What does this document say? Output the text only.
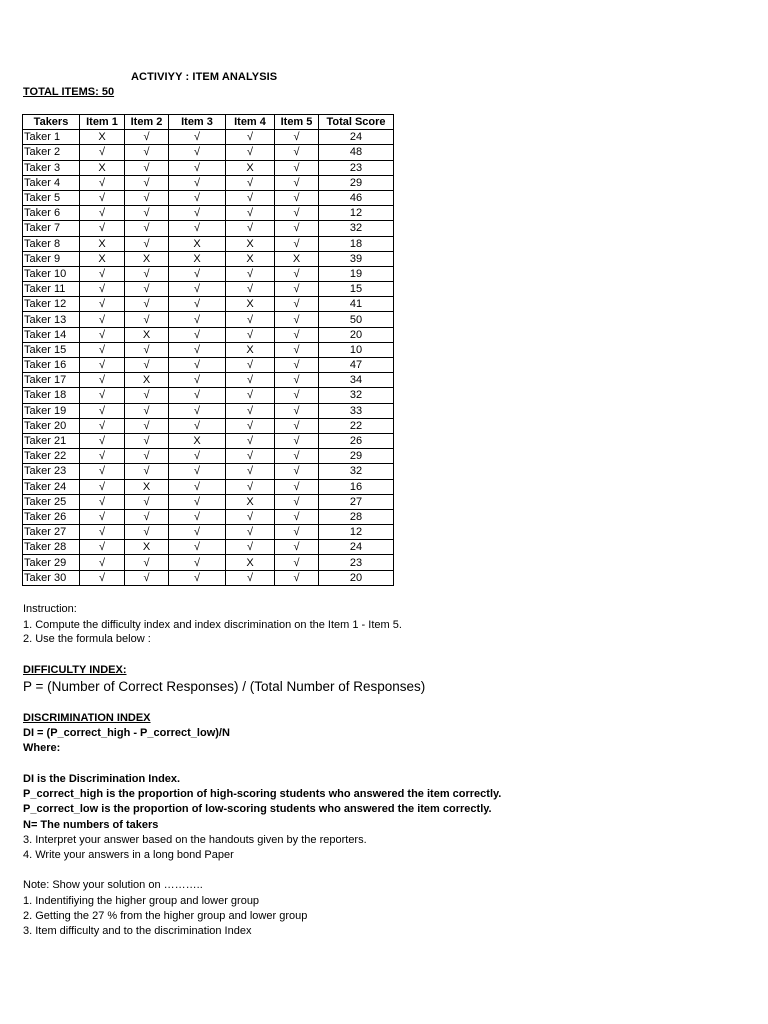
ACTIVIYY : ITEM ANALYSIS
TOTAL ITEMS: 50
Takers	Item 1	Item 2	Item 3	Item 4	Item 5	Total Score
Taker 1	X	√	√	√	√	24
Taker 2	√	√	√	√	√	48
Taker 3	X	√	√	X	√	23
Taker 4	√	√	√	√	√	29
Taker 5	√	√	√	√	√	46
Taker 6	√	√	√	√	√	12
Taker 7	√	√	√	√	√	32
Taker 8	X	√	X	X	√	18
Taker 9	X	X	X	X	X	39
Taker 10	√	√	√	√	√	19
Taker 11	√	√	√	√	√	15
Taker 12	√	√	√	X	√	41
Taker 13	√	√	√	√	√	50
Taker 14	√	X	√	√	√	20
Taker 15	√	√	√	X	√	10
Taker 16	√	√	√	√	√	47
Taker 17	√	X	√	√	√	34
Taker 18	√	√	√	√	√	32
Taker 19	√	√	√	√	√	33
Taker 20	√	√	√	√	√	22
Taker 21	√	√	X	√	√	26
Taker 22	√	√	√	√	√	29
Taker 23	√	√	√	√	√	32
Taker 24	√	X	√	√	√	16
Taker 25	√	√	√	X	√	27
Taker 26	√	√	√	√	√	28
Taker 27	√	√	√	√	√	12
Taker 28	√	X	√	√	√	24
Taker 29	√	√	√	X	√	23
Taker 30	√	√	√	√	√	20
Instruction:
1. Compute the difficulty index and index discrimination on the Item 1 - Item 5.
2. Use the formula below :
DIFFICULTY INDEX:
P = (Number of Correct Responses) / (Total Number of Responses)
DISCRIMINATION INDEX
DI = (P_correct_high - P_correct_low)/N
Where:
DI is the Discrimination Index.
P_correct_high is the proportion of high-scoring students who answered the item correctly.
P_correct_low is the proportion of low-scoring students who answered the item correctly.
N= The numbers of takers
3. Interpret your answer based on the handouts given by the reporters.
4. Write your answers in a long bond Paper
Note: Show your solution on ………..
1. Indentifiying the higher group and lower group
2. Getting the 27 % from the higher group and lower group
3. Item difficulty and to the discrimination Index
